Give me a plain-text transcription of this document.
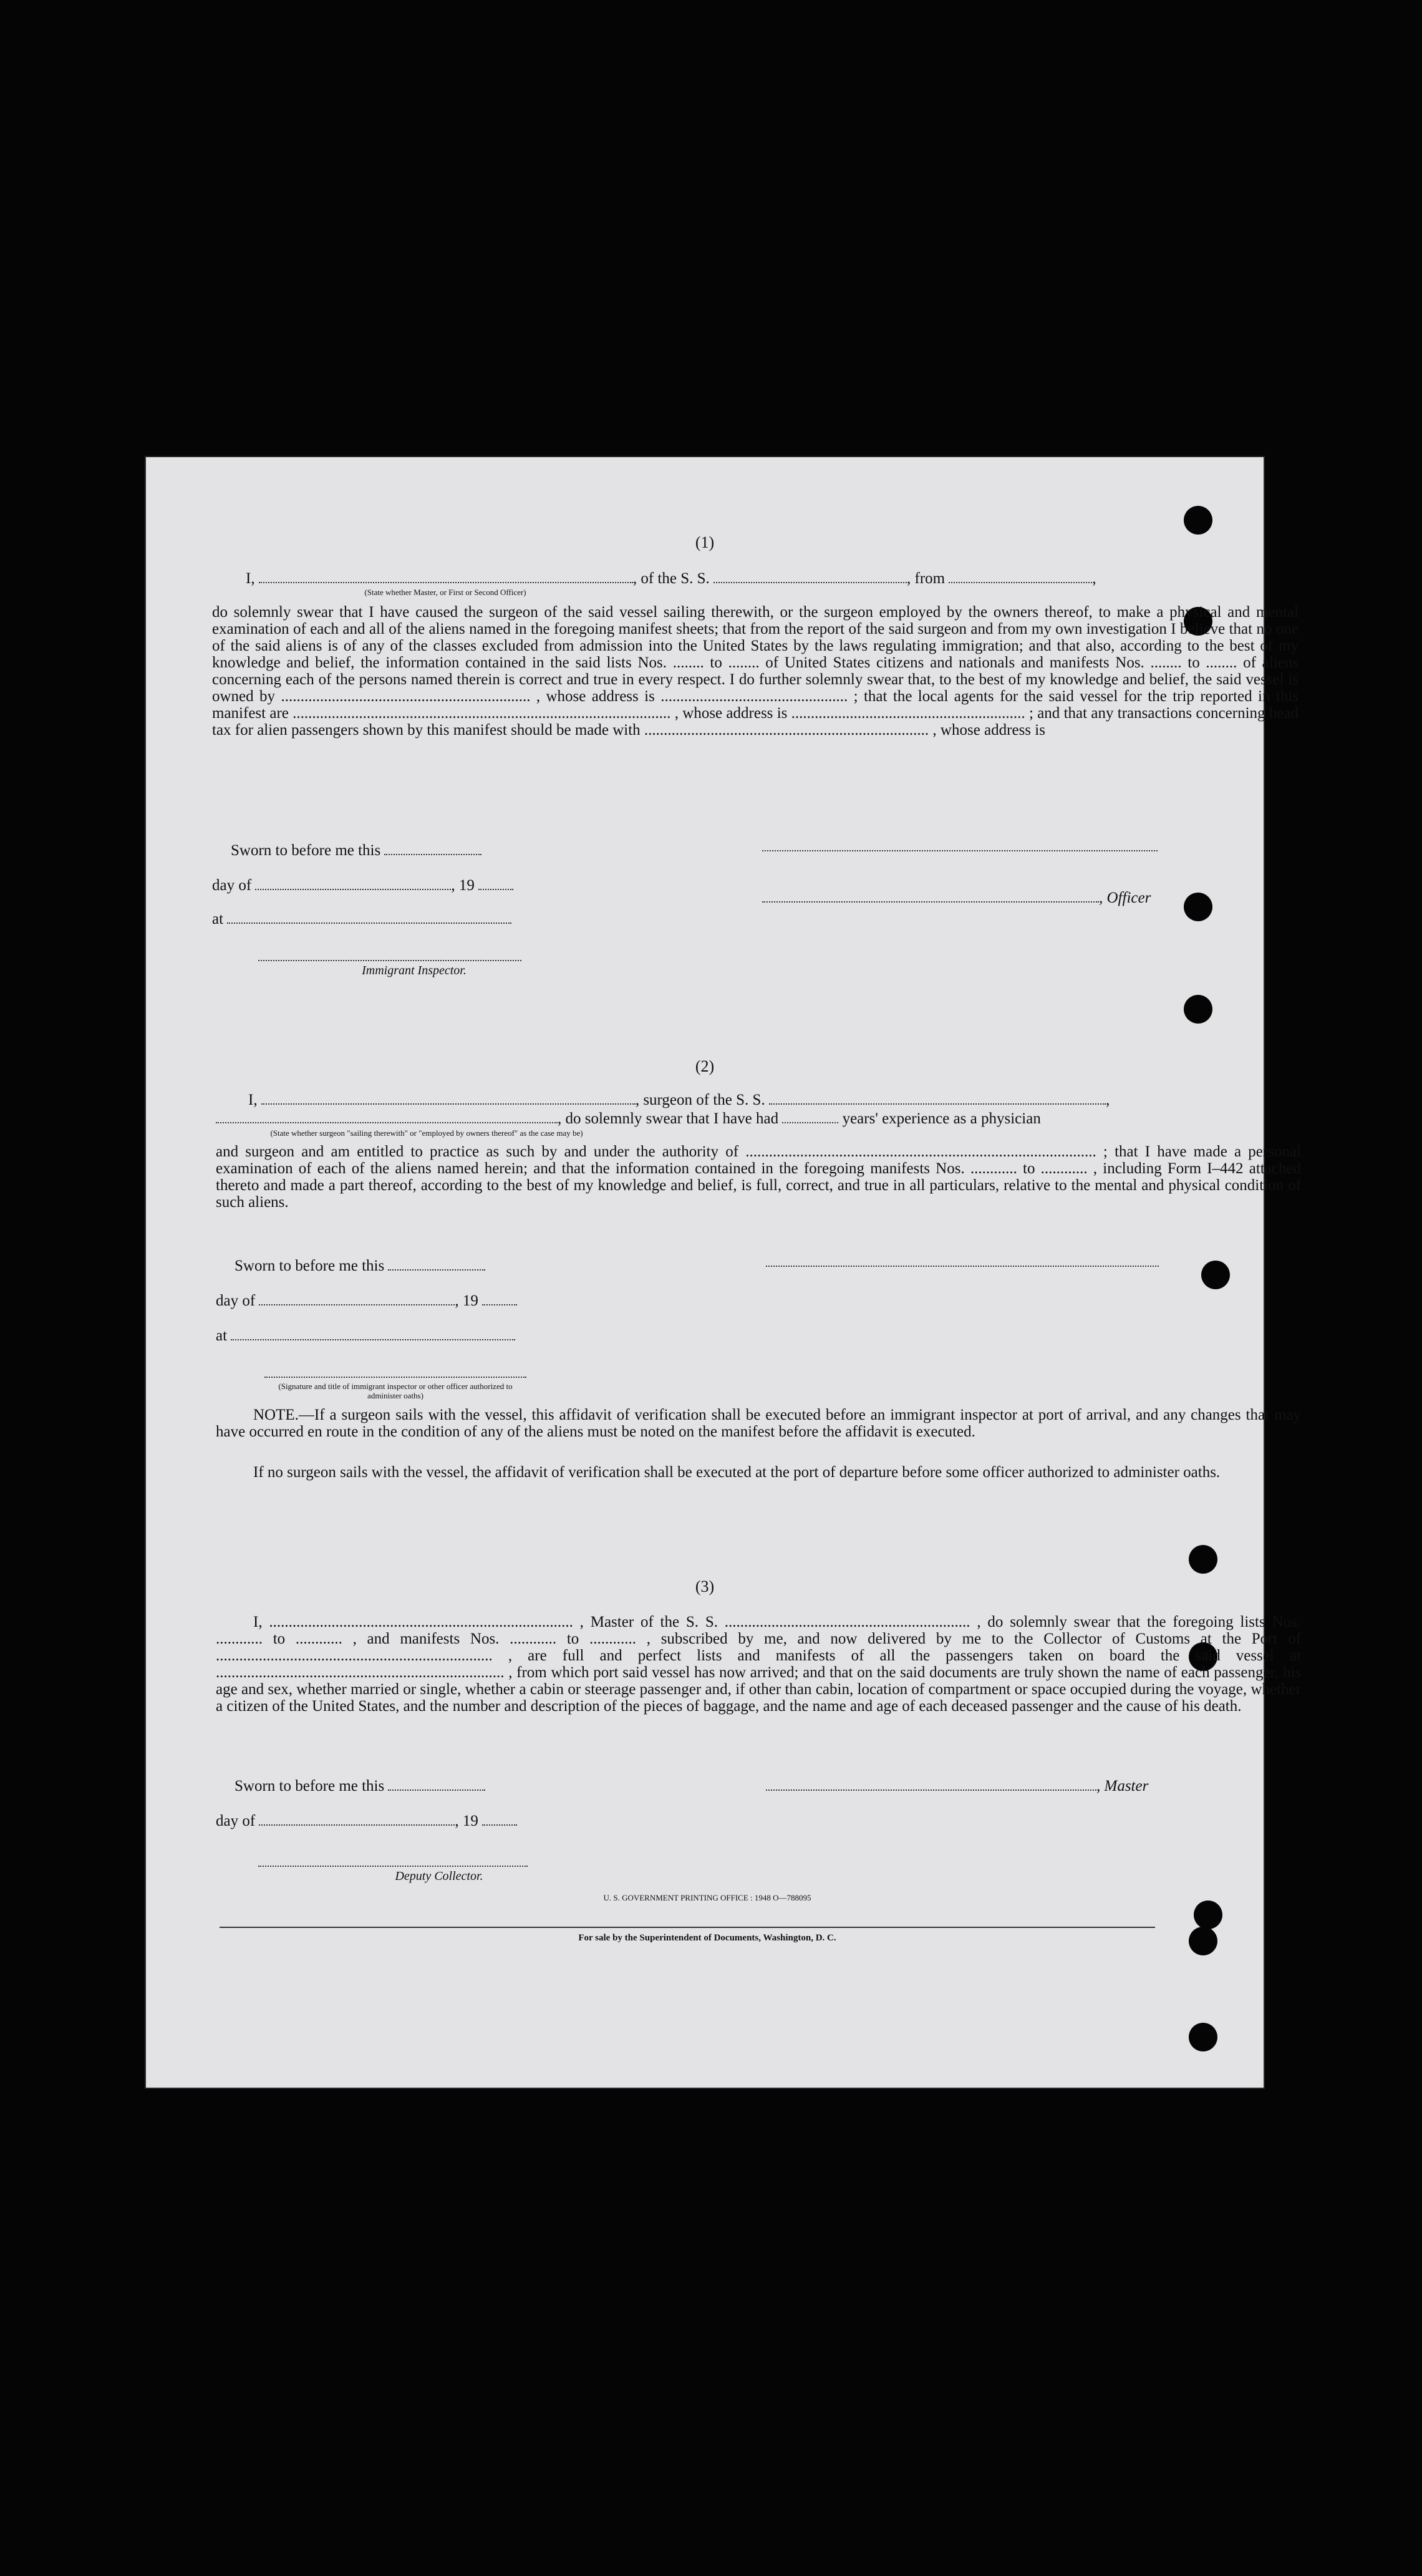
(1)
I,	, of the S. S.	, from	,
(State whether Master, or First or Second Officer)
do solemnly swear that I have caused the surgeon of the said vessel sailing therewith, or the surgeon employed by the owners thereof, to make a physical and mental examination of each and all of the aliens named in the foregoing manifest sheets; that from the report of the said surgeon and from my own investigation I believe that no one of the said aliens is of any of the classes excluded from admission into the United States by the laws regulating immigration; and that also, according to the best of my knowledge and belief, the information contained in the said lists Nos. ........ to ........ of United States citizens and nationals and manifests Nos. ........ to ........ of aliens concerning each of the persons named therein is correct and true in every respect. I do further solemnly swear that, to the best of my knowledge and belief, the said vessel is owned by ................................................................ , whose address is ................................................ ; that the local agents for the said vessel for the trip reported in this manifest are ................................................................................................. , whose address is ............................................................ ; and that any transactions concerning head tax for alien passengers shown by this manifest should be made with ......................................................................... , whose address is
Sworn to before me this
day of	, 19
, Officer
at
Immigrant Inspector.
(2)
I,	, surgeon of the S. S.	,
, do solemnly swear that I have had	years' experience as a physician
(State whether surgeon "sailing therewith" or "employed by owners thereof" as the case may be)
and surgeon and am entitled to practice as such by and under the authority of .......................................................................................... ; that I have made a personal examination of each of the aliens named herein; and that the information contained in the foregoing manifests Nos. ............ to ............ , including Form I–442 attached thereto and made a part thereof, according to the best of my knowledge and belief, is full, correct, and true in all particulars, relative to the mental and physical condition of such aliens.
Sworn to before me this
day of	, 19
at
(Signature and title of immigrant inspector or other officer authorized to administer oaths)
NOTE.—If a surgeon sails with the vessel, this affidavit of verification shall be executed before an immigrant inspector at port of arrival, and any changes that may have occurred en route in the condition of any of the aliens must be noted on the manifest before the affidavit is executed.
If no surgeon sails with the vessel, the affidavit of verification shall be executed at the port of departure before some officer authorized to administer oaths.
(3)
I, .............................................................................. , Master of the S. S. ............................................................... , do solemnly swear that the foregoing lists Nos. ............ to ............ , and manifests Nos. ............ to ............ , subscribed by me, and now delivered by me to the Collector of Customs at the Port of ....................................................................... , are full and perfect lists and manifests of all the passengers taken on board the said vessel at .......................................................................... , from which port said vessel has now arrived; and that on the said documents are truly shown the name of each passenger, his age and sex, whether married or single, whether a cabin or steerage passenger and, if other than cabin, location of compartment or space occupied during the voyage, whether a citizen of the United States, and the number and description of the pieces of baggage, and the name and age of each deceased passenger and the cause of his death.
Sworn to before me this	, Master
day of	, 19
Deputy Collector.
U. S. GOVERNMENT PRINTING OFFICE : 1948 O—788095
For sale by the Superintendent of Documents, Washington, D. C.
